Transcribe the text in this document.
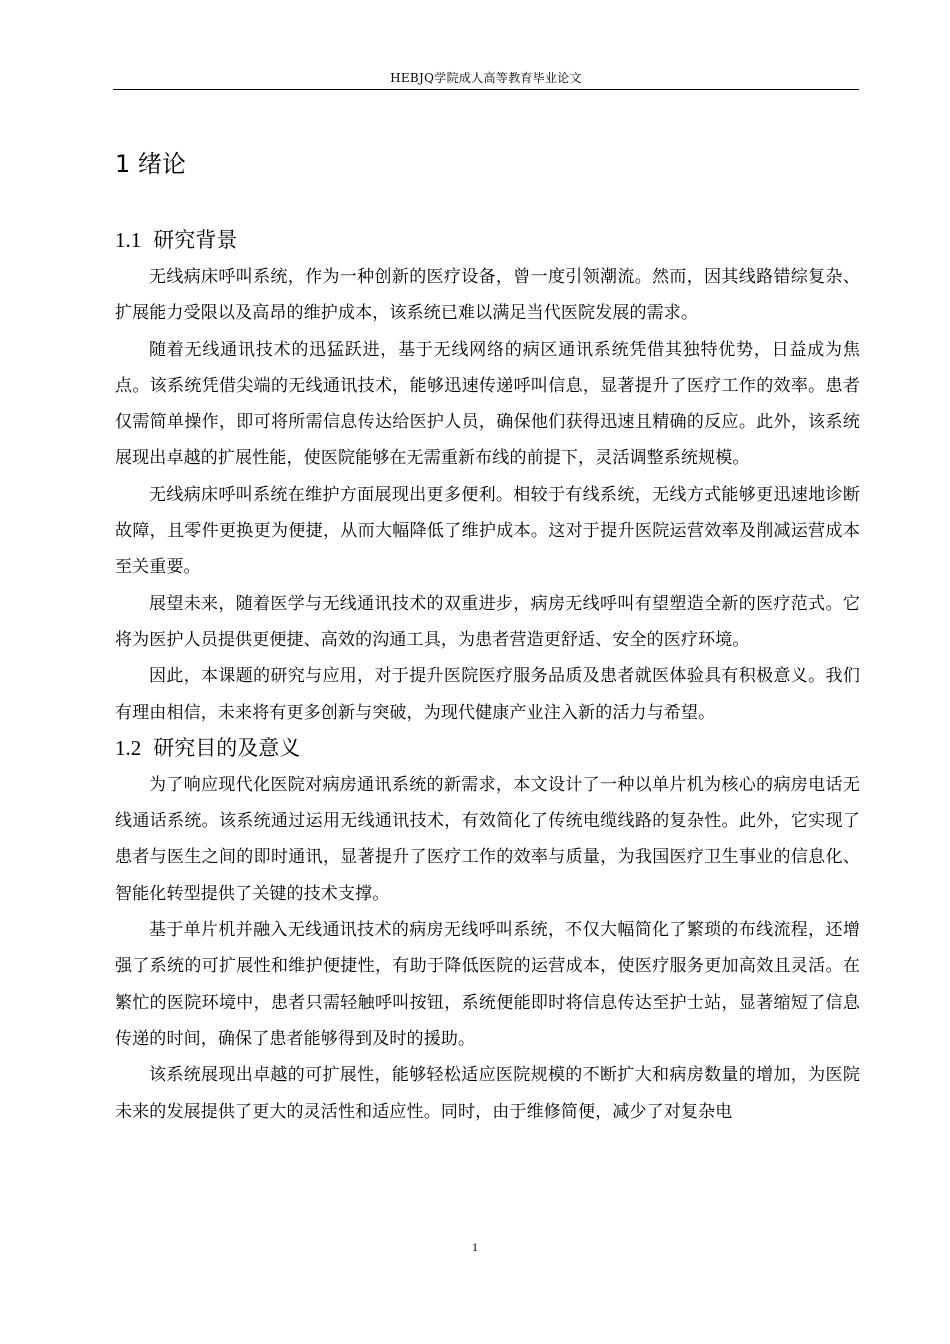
HEBJQ学院成人高等教育毕业论文
1 绪论
1.1 研究背景

无线病床呼叫系统，作为一种创新的医疗设备，曾一度引领潮流。然而，因其线路错综复杂、扩展能力受限以及高昂的维护成本，该系统已难以满足当代医院发展的需求。

随着无线通讯技术的迅猛跃进，基于无线网络的病区通讯系统凭借其独特优势，日益成为焦点。该系统凭借尖端的无线通讯技术，能够迅速传递呼叫信息，显著提升了医疗工作的效率。患者仅需简单操作，即可将所需信息传达给医护人员，确保他们获得迅速且精确的反应。此外，该系统展现出卓越的扩展性能，使医院能够在无需重新布线的前提下，灵活调整系统规模。

无线病床呼叫系统在维护方面展现出更多便利。相较于有线系统，无线方式能够更迅速地诊断故障，且零件更换更为便捷，从而大幅降低了维护成本。这对于提升医院运营效率及削减运营成本至关重要。

展望未来，随着医学与无线通讯技术的双重进步，病房无线呼叫有望塑造全新的医疗范式。它将为医护人员提供更便捷、高效的沟通工具，为患者营造更舒适、安全的医疗环境。

因此，本课题的研究与应用，对于提升医院医疗服务品质及患者就医体验具有积极意义。我们有理由相信，未来将有更多创新与突破，为现代健康产业注入新的活力与希望。

1.2 研究目的及意义

为了响应现代化医院对病房通讯系统的新需求，本文设计了一种以单片机为核心的病房电话无线通话系统。该系统通过运用无线通讯技术，有效简化了传统电缆线路的复杂性。此外，它实现了患者与医生之间的即时通讯，显著提升了医疗工作的效率与质量，为我国医疗卫生事业的信息化、智能化转型提供了关键的技术支撑。

基于单片机并融入无线通讯技术的病房无线呼叫系统，不仅大幅简化了繁琐的布线流程，还增强了系统的可扩展性和维护便捷性，有助于降低医院的运营成本，使医疗服务更加高效且灵活。在繁忙的医院环境中，患者只需轻触呼叫按钮，系统便能即时将信息传达至护士站，显著缩短了信息传递的时间，确保了患者能够得到及时的援助。

该系统展现出卓越的可扩展性，能够轻松适应医院规模的不断扩大和病房数量的增加，为医院未来的发展提供了更大的灵活性和适应性。同时，由于维修简便，减少了对复杂电

1
